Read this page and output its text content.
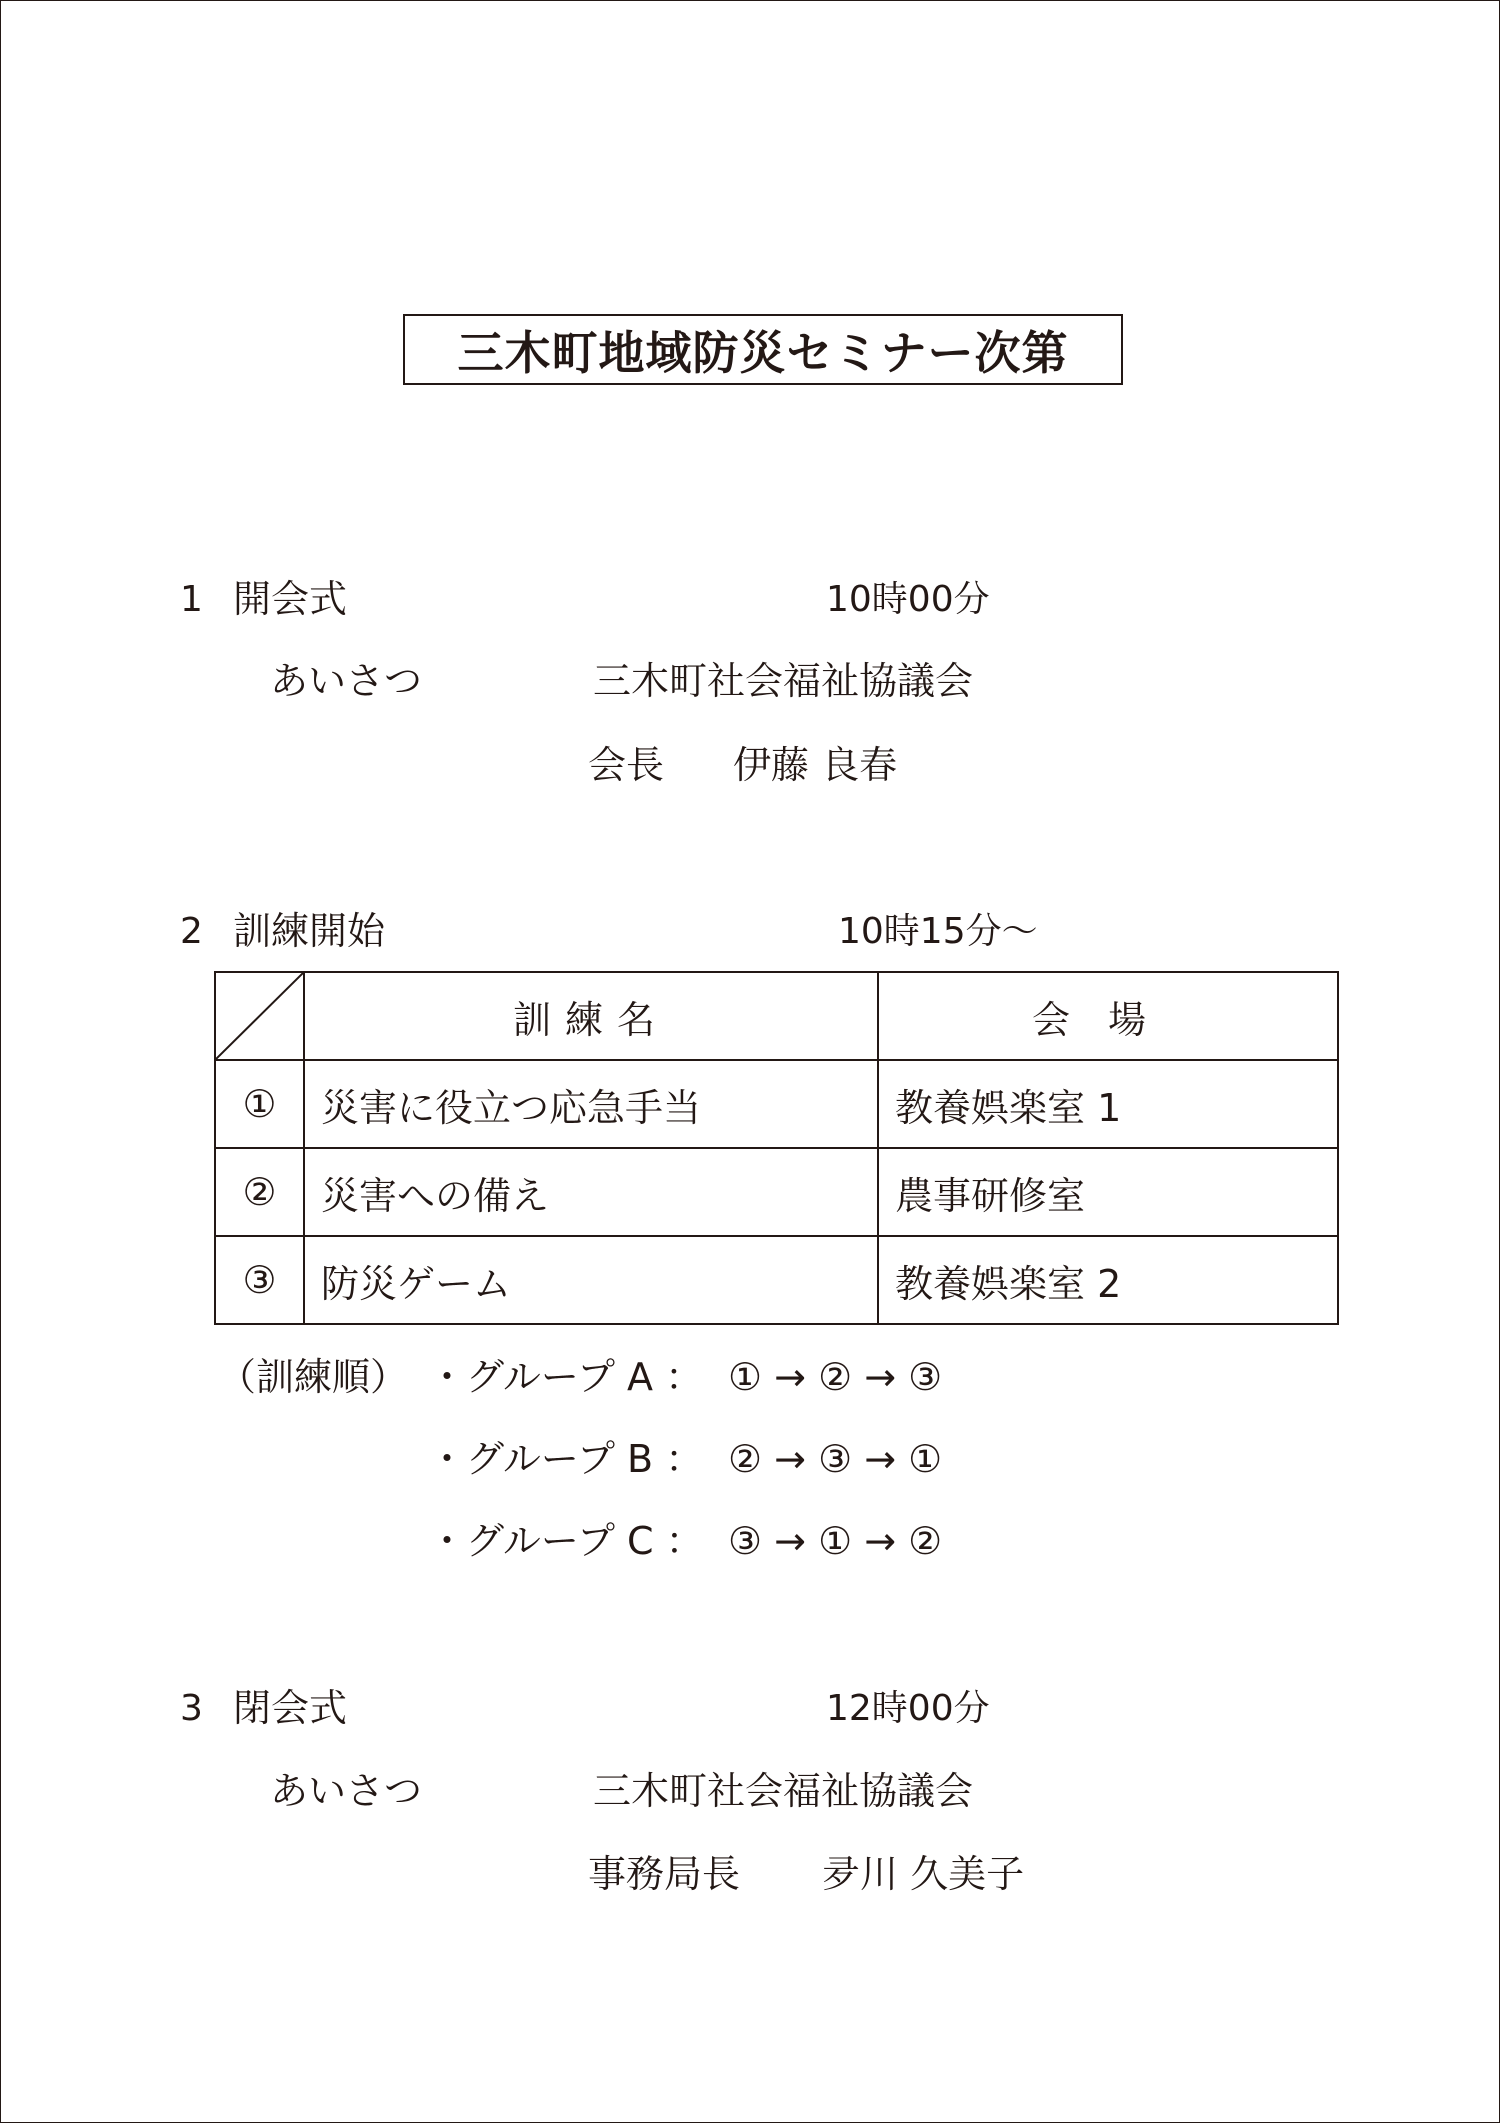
三木町地域防災セミナー次第
1 開会式	10時00分
あいさつ	三木町社会福祉協議会
会長 伊藤 良春
2 訓練開始	10時15分～
	訓練名	会場
①	災害に役立つ応急手当	教養娯楽室 1
②	災害への備え	農事研修室
③	防災ゲーム	教養娯楽室 2
（訓練順） ・グループ A ： ① → ② → ③
・グループ B ： ② → ③ → ①
・グループ C ： ③ → ① → ②
3 閉会式	12時00分
あいさつ	三木町社会福祉協議会
事務局長 夛川 久美子
